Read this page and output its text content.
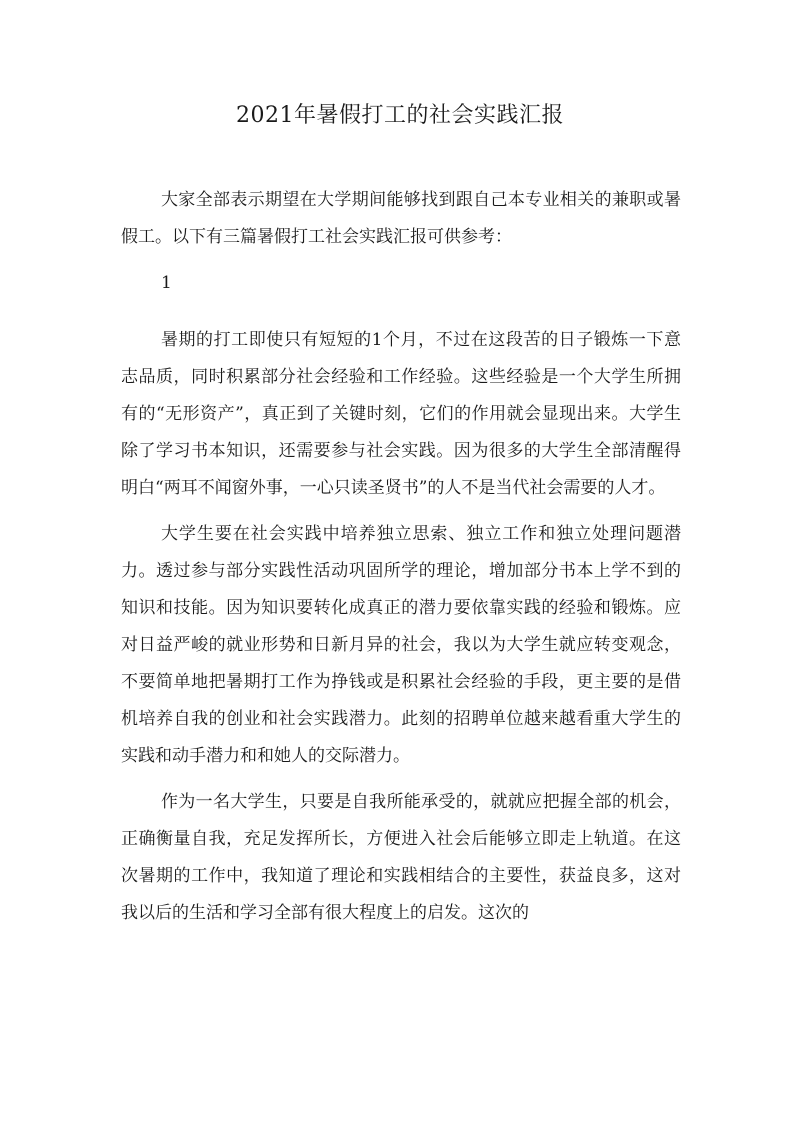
2021年暑假打工的社会实践汇报

大家全部表示期望在大学期间能够找到跟自己本专业相关的兼职或暑假工。以下有三篇暑假打工社会实践汇报可供参考：

1

暑期的打工即使只有短短的1个月，不过在这段苦的日子锻炼一下意志品质，同时积累部分社会经验和工作经验。这些经验是一个大学生所拥有的“无形资产”，真正到了关键时刻，它们的作用就会显现出来。大学生除了学习书本知识，还需要参与社会实践。因为很多的大学生全部清醒得明白“两耳不闻窗外事，一心只读圣贤书”的人不是当代社会需要的人才。

大学生要在社会实践中培养独立思索、独立工作和独立处理问题潜力。透过参与部分实践性活动巩固所学的理论，增加部分书本上学不到的知识和技能。因为知识要转化成真正的潜力要依靠实践的经验和锻炼。应对日益严峻的就业形势和日新月异的社会，我以为大学生就应转变观念，不要简单地把暑期打工作为挣钱或是积累社会经验的手段，更主要的是借机培养自我的创业和社会实践潜力。此刻的招聘单位越来越看重大学生的实践和动手潜力和和她人的交际潜力。

作为一名大学生，只要是自我所能承受的，就就应把握全部的机会，正确衡量自我，充足发挥所长，方便进入社会后能够立即走上轨道。在这次暑期的工作中，我知道了理论和实践相结合的主要性，获益良多，这对我以后的生活和学习全部有很大程度上的启发。这次的
